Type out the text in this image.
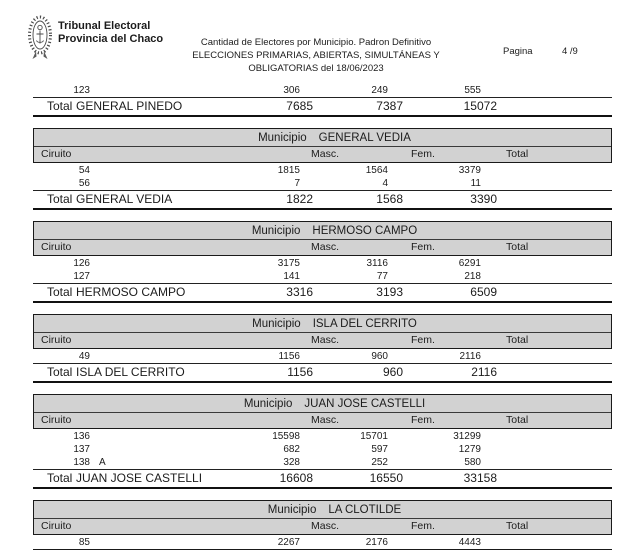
Tribunal Electoral
Provincia del Chaco	Cantidad de Electores por Municipio. Padron Definitivo
ELECCIONES PRIMARIAS, ABIERTAS, SIMULTÁNEAS Y
OBLIGATORIAS del 18/06/2023
Pagina	4 /9
123	306	249	555
Total GENERAL PINEDO	7685	7387	15072
Municipio GENERAL VEDIA
Ciruito	Masc.	Fem.	Total
54	1815	1564	3379
56	7	4	11
Total GENERAL VEDIA	1822	1568	3390
Municipio HERMOSO CAMPO
Ciruito	Masc.	Fem.	Total
126	3175	3116	6291
127	141	77	218
Total HERMOSO CAMPO	3316	3193	6509
Municipio ISLA DEL CERRITO
Ciruito	Masc.	Fem.	Total
49	1156	960	2116
Total ISLA DEL CERRITO	1156	960	2116
Municipio JUAN JOSE CASTELLI
Ciruito	Masc.	Fem.	Total
136	15598	15701	31299
137	682	597	1279
138 A	328	252	580
Total JUAN JOSE CASTELLI	16608	16550	33158
Municipio LA CLOTILDE
Ciruito	Masc.	Fem.	Total
85	2267	2176	4443
